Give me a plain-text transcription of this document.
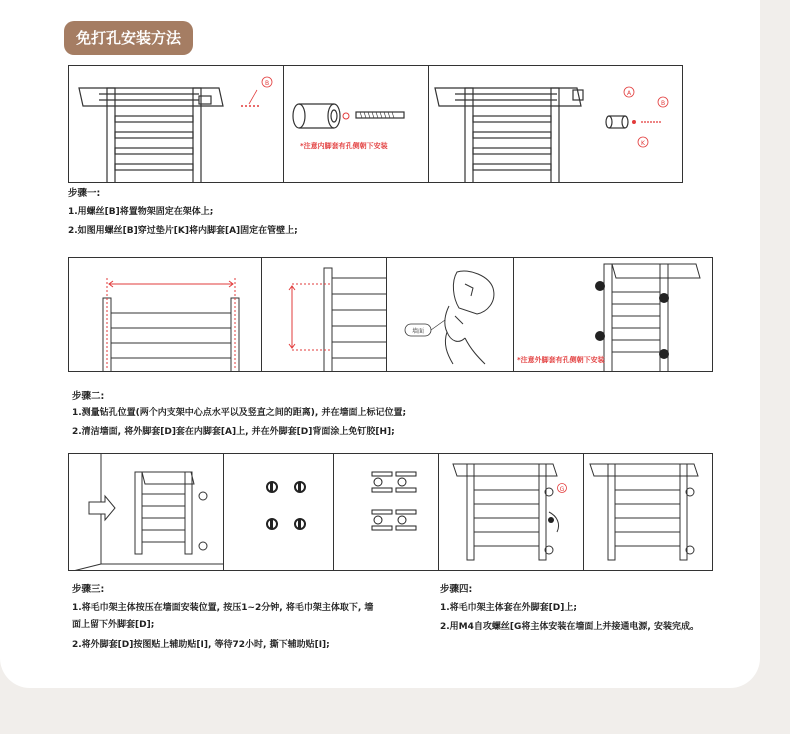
免打孔安装方法
B
*注意内脚套有孔侧朝下安装
A
B
K
步骤一:
1.用螺丝[B]将置物架固定在架体上;
2.如图用螺丝[B]穿过垫片[K]将内脚套[A]固定在管壁上;
墙面
*注意外脚套有孔侧朝下安装
步骤二:
1.测量钻孔位置(两个内支架中心点水平以及竖直之间的距离), 并在墙面上标记位置;
2.清洁墙面, 将外脚套[D]套在内脚套[A]上, 并在外脚套[D]背面涂上免钉胶[H];
G
步骤三:
1.将毛巾架主体按压在墙面安装位置, 按压1~2分钟, 将毛巾架主体取下, 墙
面上留下外脚套[D];
2.将外脚套[D]按图贴上辅助贴[I], 等待72小时, 撕下辅助贴[I];
步骤四:
1.将毛巾架主体套在外脚套[D]上;
2.用M4自攻螺丝[G将主体安装在墙面上并接通电源, 安装完成。
